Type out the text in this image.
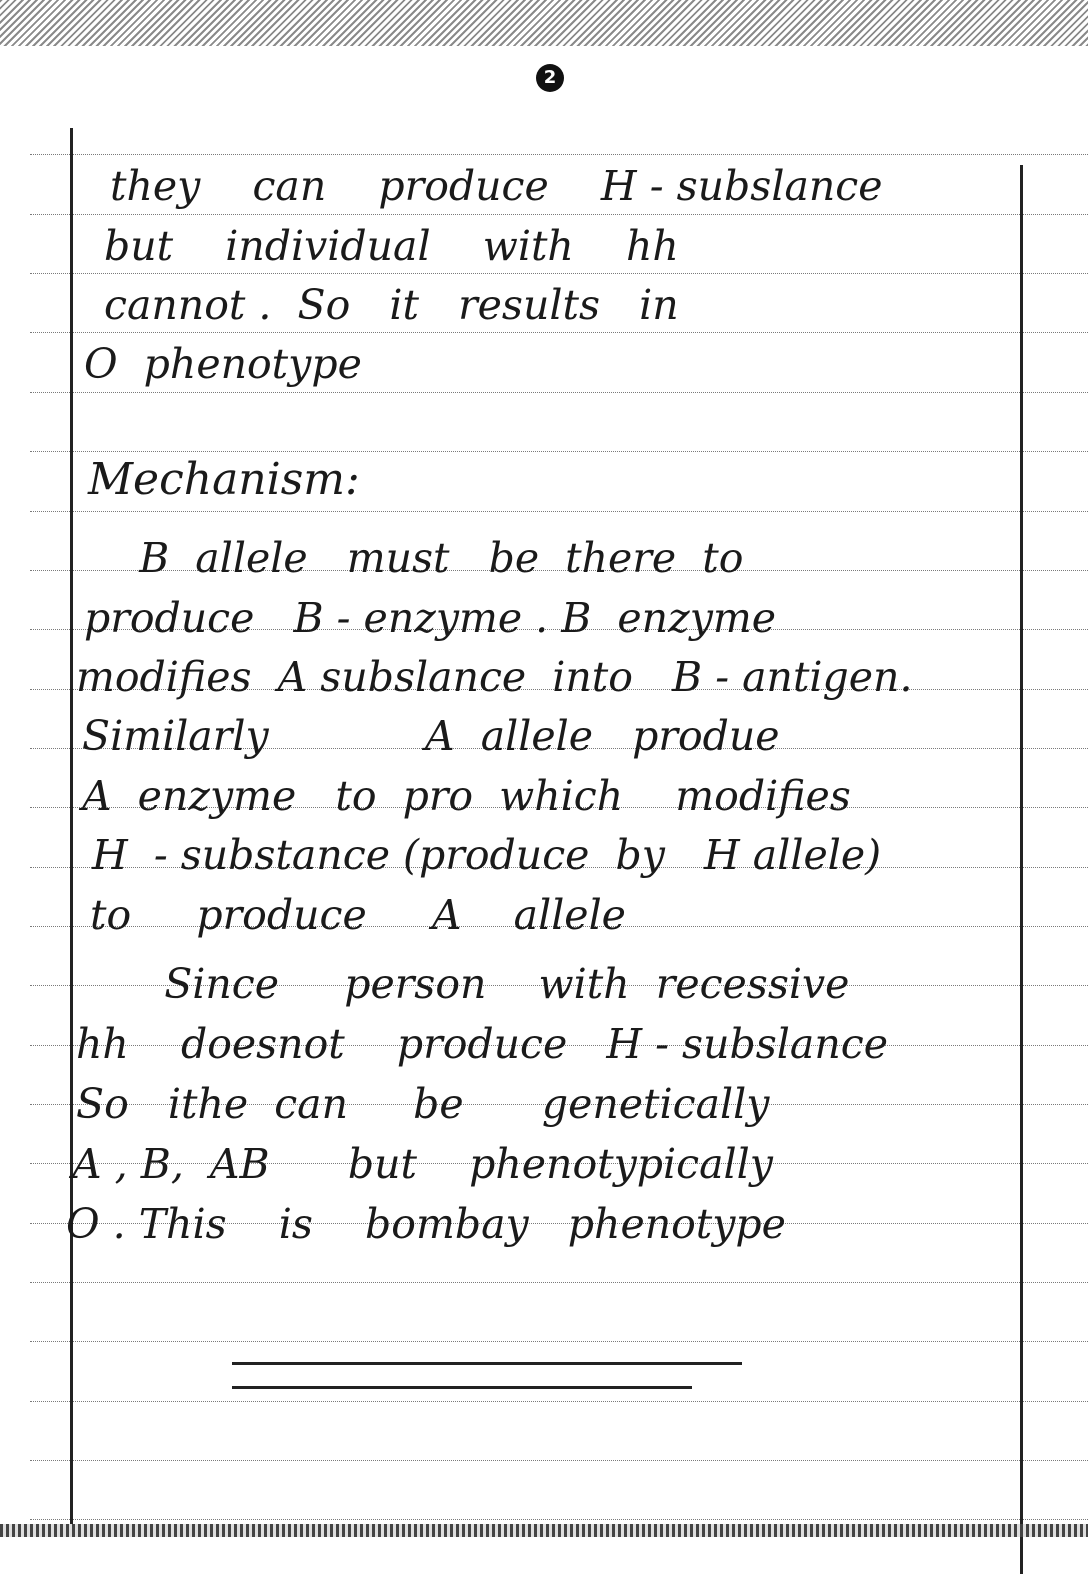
2
they    can    produce    H - subslance
but    individual    with    hh
cannot .  So   it   results   in
O  phenotype
Mechanism:
B  allele   must   be  there  to
produce   B - enzyme . B  enzyme
modifies  A subslance  into   B - antigen.
Similarly            A  allele   produe
A  enzyme   to  pro  which    modifies
H  - substance (produce  by   H allele)
to     produce     A    allele
Since     person    with  recessive
hh    doesnot    produce   H - subslance
So   ithe  can     be      genetically
A , B,  AB      but    phenotypically
O . This    is    bombay   phenotype
